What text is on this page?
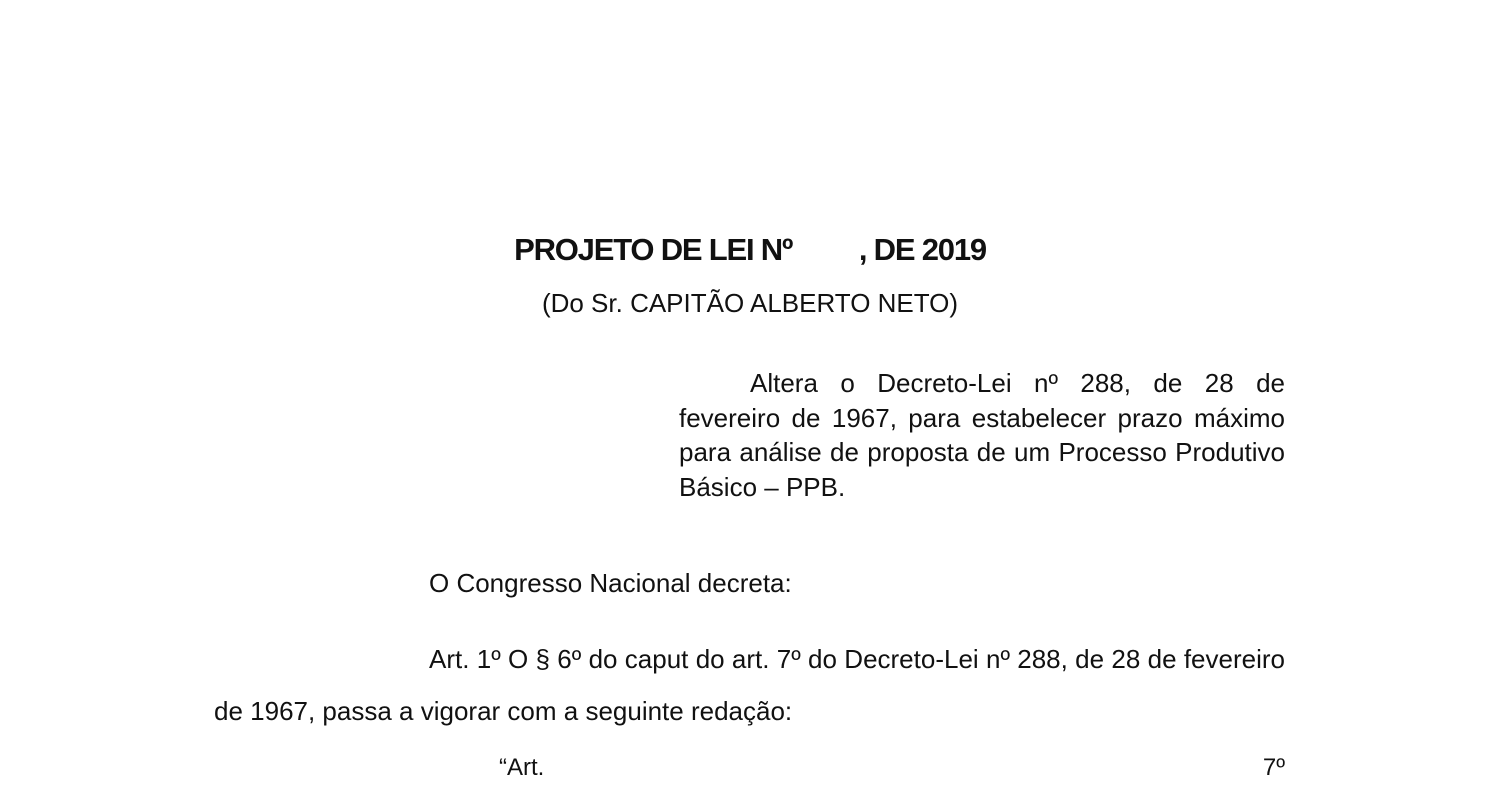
PROJETO DE LEI Nº         , DE 2019
(Do Sr. CAPITÃO ALBERTO NETO)
Altera o Decreto-Lei nº 288, de 28 de fevereiro de 1967, para estabelecer prazo máximo para análise de proposta de um Processo Produtivo Básico – PPB.
O Congresso Nacional decreta:
Art. 1º O § 6º do caput do art. 7º do Decreto-Lei nº 288, de 28 de fevereiro de 1967, passa a vigorar com a seguinte redação:
“Art.	7º
